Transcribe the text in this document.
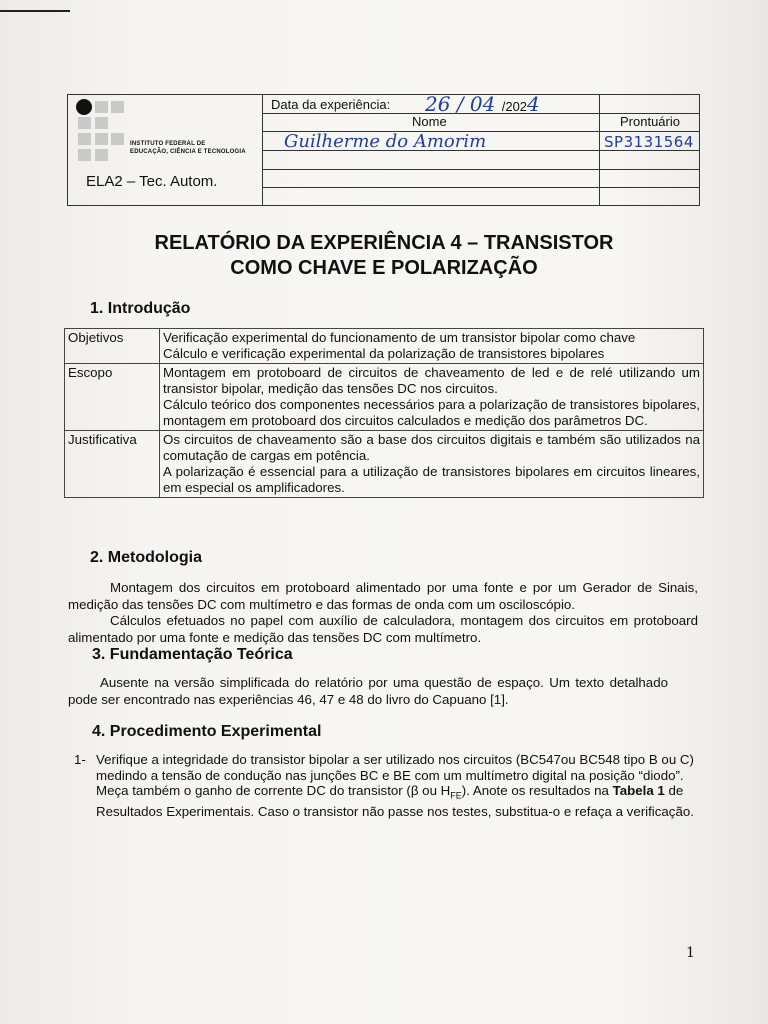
INSTITUTO FEDERAL DE
EDUCAÇÃO, CIÊNCIA E TECNOLOGIA
ELA2 – Tec. Autom.
Data da experiência: 26 / 04 /2024
Nome	Prontuário
Guilherme do Amorim	SP3131564
RELATÓRIO DA EXPERIÊNCIA 4 – TRANSISTOR
COMO CHAVE E POLARIZAÇÃO
1. Introdução
Objetivos	Verificação experimental do funcionamento de um transistor bipolar como chave
Cálculo e verificação experimental da polarização de transistores bipolares

Escopo	Montagem em protoboard de circuitos de chaveamento de led e de relé utilizando um transistor bipolar, medição das tensões DC nos circuitos.
Cálculo teórico dos componentes necessários para a polarização de transistores bipolares, montagem em protoboard dos circuitos calculados e medição dos parâmetros DC.

Justificativa	Os circuitos de chaveamento são a base dos circuitos digitais e também são utilizados na comutação de cargas em potência.
A polarização é essencial para a utilização de transistores bipolares em circuitos lineares, em especial os amplificadores.
2. Metodologia

Montagem dos circuitos em protoboard alimentado por uma fonte e por um Gerador de Sinais, medição das tensões DC com multímetro e das formas de onda com um osciloscópio.

Cálculos efetuados no papel com auxílio de calculadora, montagem dos circuitos em protoboard alimentado por uma fonte e medição das tensões DC com multímetro.

3. Fundamentação Teórica

Ausente na versão simplificada do relatório por uma questão de espaço. Um texto detalhado pode ser encontrado nas experiências 46, 47 e 48 do livro do Capuano [1].

4. Procedimento Experimental
1- Verifique a integridade do transistor bipolar a ser utilizado nos circuitos (BC547ou BC548 tipo B ou C) medindo a tensão de condução nas junções BC e BE com um multímetro digital na posição “diodo”. Meça também o ganho de corrente DC do transistor (β ou $H_{FE}$). Anote os resultados na Tabela 1 de Resultados Experimentais. Caso o transistor não passe nos testes, substitua-o e refaça a verificação.
1
